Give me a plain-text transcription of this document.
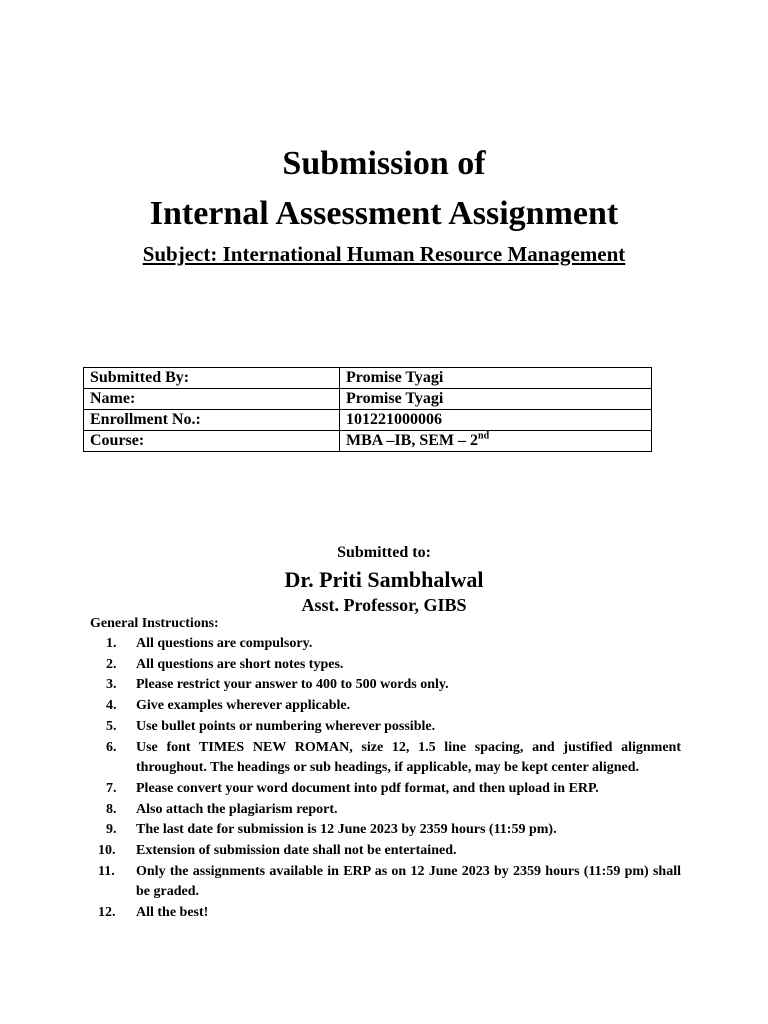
Submission of
Internal Assessment Assignment
Subject: International Human Resource Management
Submitted By:	Promise Tyagi
Name:	Promise Tyagi
Enrollment No.:	101221000006
Course:	MBA –IB, SEM – 2nd
Submitted to:
Dr. Priti Sambhalwal
Asst. Professor, GIBS
General Instructions:
1.	All questions are compulsory.
2.	All questions are short notes types.
3.	Please restrict your answer to 400 to 500 words only.
4.	Give examples wherever applicable.
5.	Use bullet points or numbering wherever possible.
6.	Use font TIMES NEW ROMAN, size 12, 1.5 line spacing, and justified alignment throughout. The headings or sub headings, if applicable, may be kept center aligned.
7.	Please convert your word document into pdf format, and then upload in ERP.
8.	Also attach the plagiarism report.
9.	The last date for submission is 12 June 2023 by 2359 hours (11:59 pm).
10.	Extension of submission date shall not be entertained.
11.	Only the assignments available in ERP as on 12 June 2023 by 2359 hours (11:59 pm) shall be graded.
12.	All the best!
